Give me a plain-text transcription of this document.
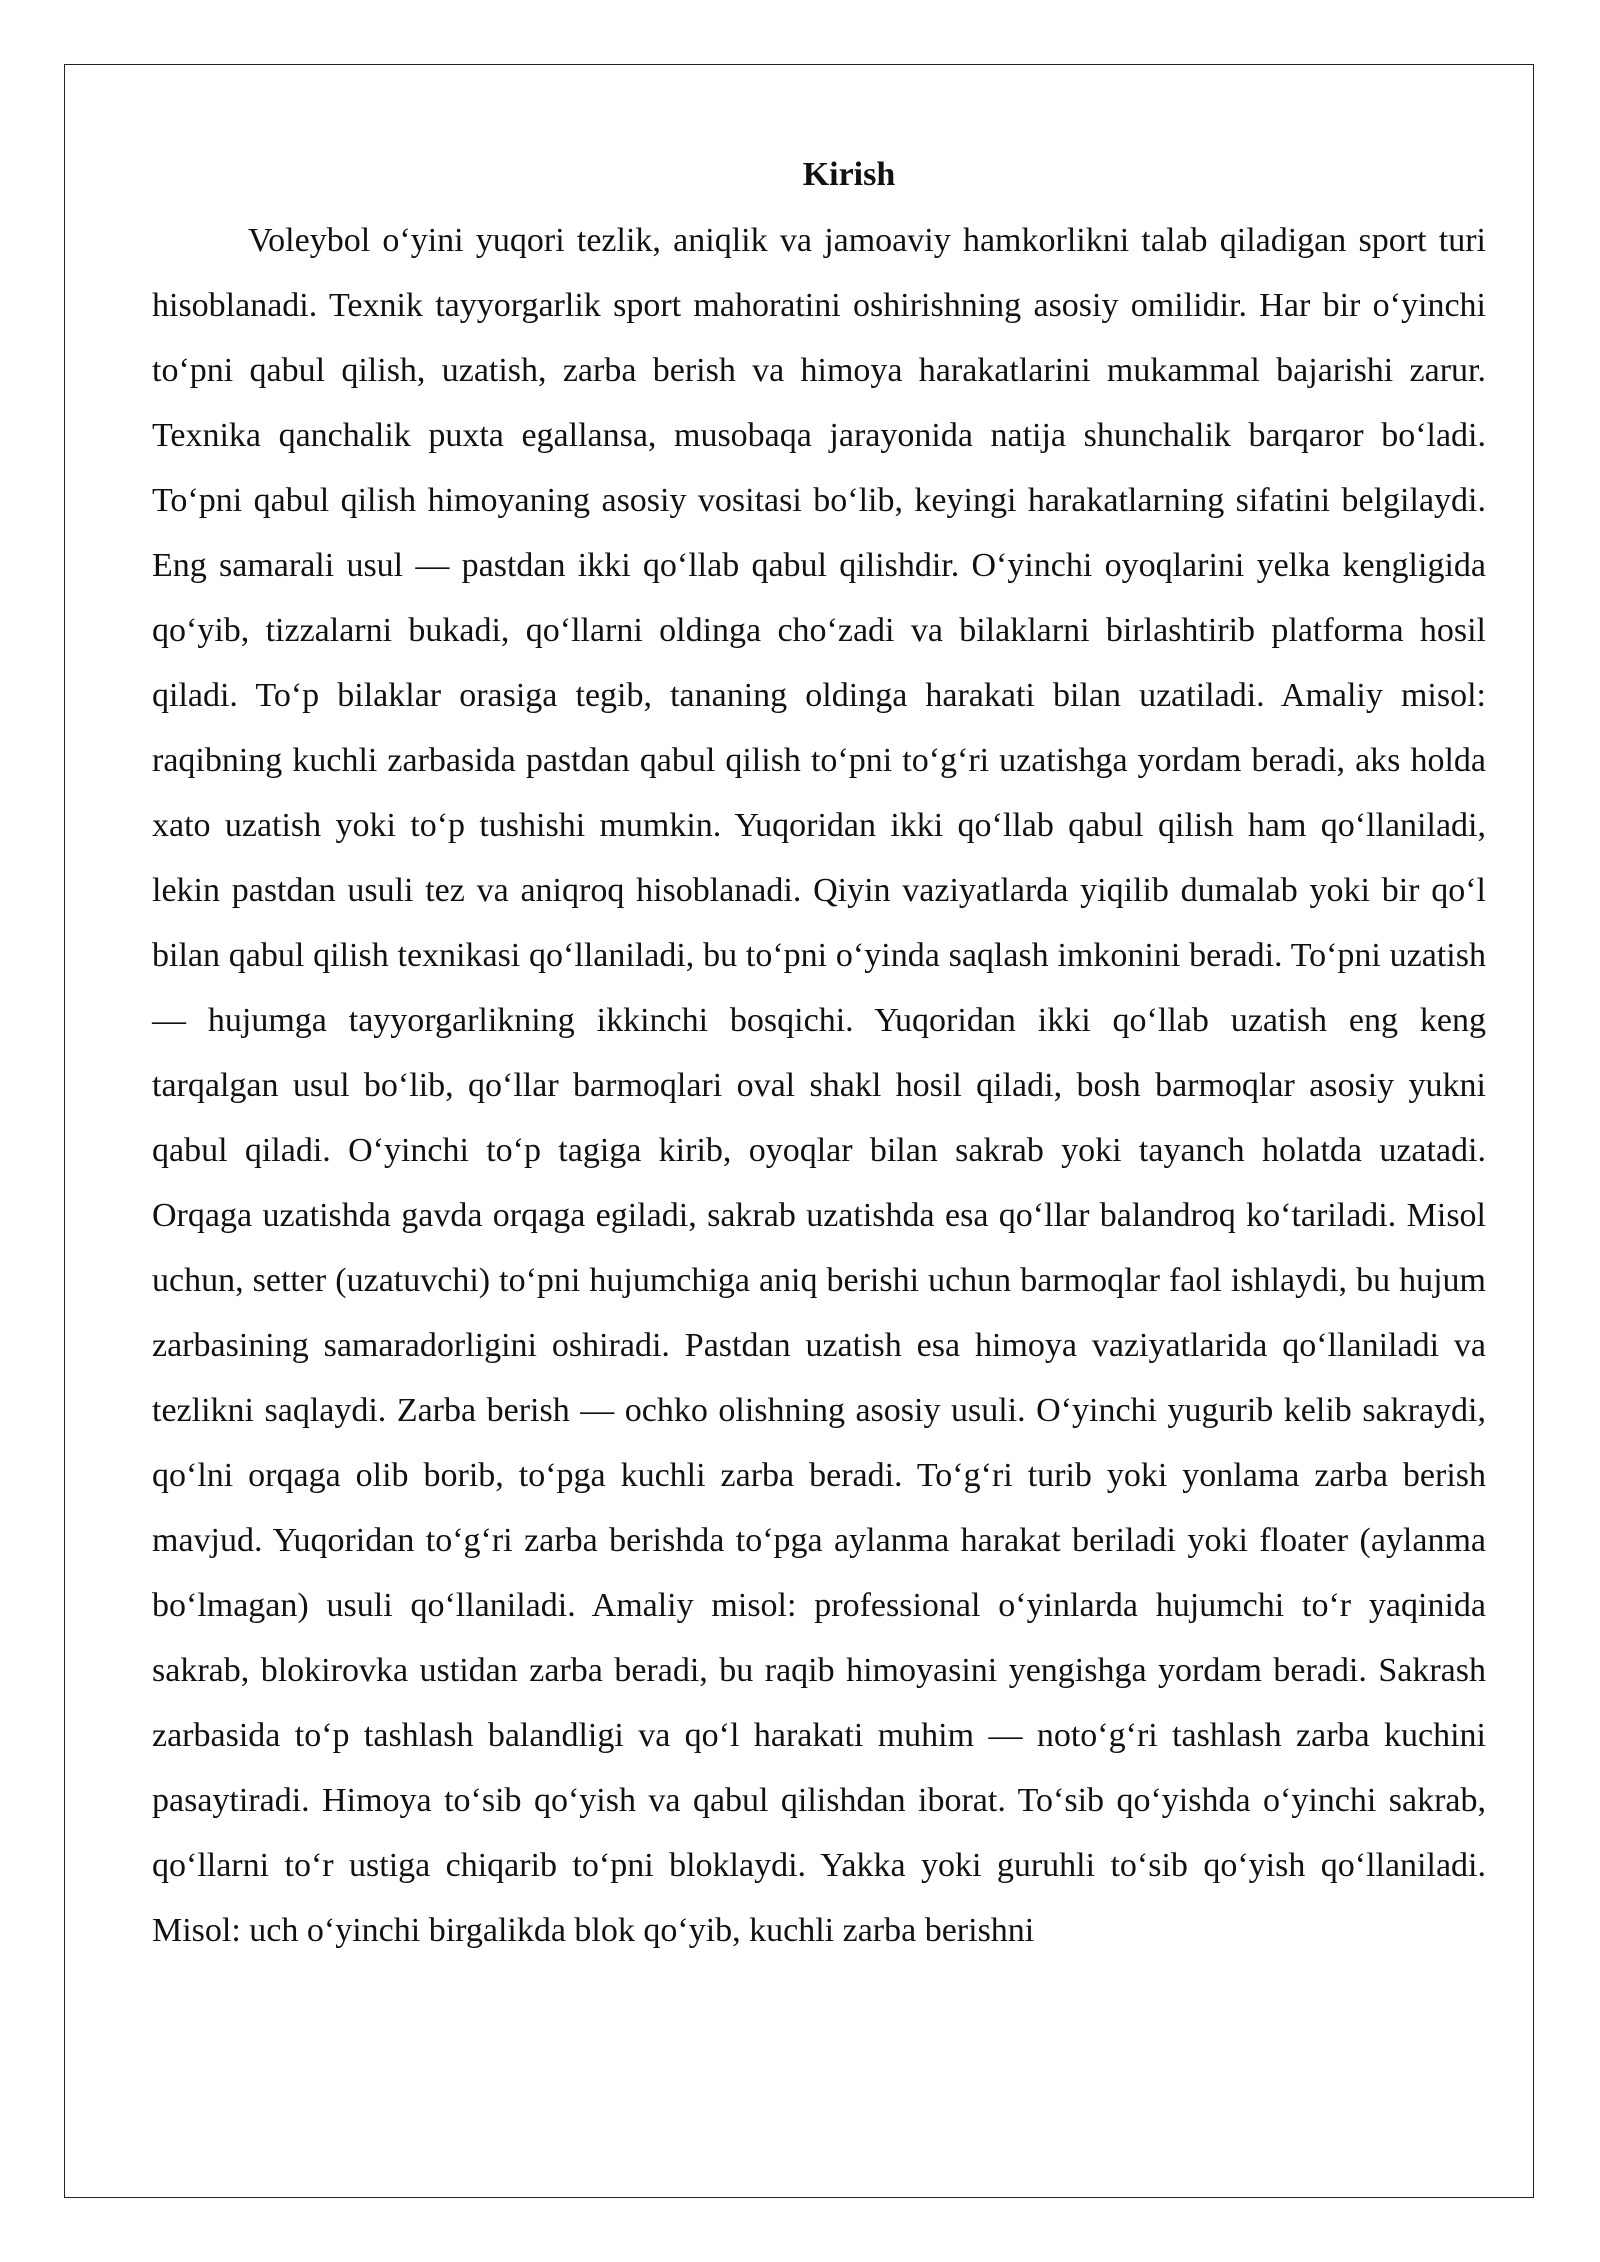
Kirish

Voleybol o‘yini yuqori tezlik, aniqlik va jamoaviy hamkorlikni talab qiladigan sport turi hisoblanadi. Texnik tayyorgarlik sport mahoratini oshirishning asosiy omilidir. Har bir o‘yinchi to‘pni qabul qilish, uzatish, zarba berish va himoya harakatlarini mukammal bajarishi zarur. Texnika qanchalik puxta egallansa, musobaqa jarayonida natija shunchalik barqaror bo‘ladi. To‘pni qabul qilish himoyaning asosiy vositasi bo‘lib, keyingi harakatlarning sifatini belgilaydi. Eng samarali usul — pastdan ikki qo‘llab qabul qilishdir. O‘yinchi oyoqlarini yelka kengligida qo‘yib, tizzalarni bukadi, qo‘llarni oldinga cho‘zadi va bilaklarni birlashtirib platforma hosil qiladi. To‘p bilaklar orasiga tegib, tananing oldinga harakati bilan uzatiladi. Amaliy misol: raqibning kuchli zarbasida pastdan qabul qilish to‘pni to‘g‘ri uzatishga yordam beradi, aks holda xato uzatish yoki to‘p tushishi mumkin. Yuqoridan ikki qo‘llab qabul qilish ham qo‘llaniladi, lekin pastdan usuli tez va aniqroq hisoblanadi. Qiyin vaziyatlarda yiqilib dumalab yoki bir qo‘l bilan qabul qilish texnikasi qo‘llaniladi, bu to‘pni o‘yinda saqlash imkonini beradi. To‘pni uzatish — hujumga tayyorgarlikning ikkinchi bosqichi. Yuqoridan ikki qo‘llab uzatish eng keng tarqalgan usul bo‘lib, qo‘llar barmoqlari oval shakl hosil qiladi, bosh barmoqlar asosiy yukni qabul qiladi. O‘yinchi to‘p tagiga kirib, oyoqlar bilan sakrab yoki tayanch holatda uzatadi. Orqaga uzatishda gavda orqaga egiladi, sakrab uzatishda esa qo‘llar balandroq ko‘tariladi. Misol uchun, setter (uzatuvchi) to‘pni hujumchiga aniq berishi uchun barmoqlar faol ishlaydi, bu hujum zarbasining samaradorligini oshiradi. Pastdan uzatish esa himoya vaziyatlarida qo‘llaniladi va tezlikni saqlaydi. Zarba berish — ochko olishning asosiy usuli. O‘yinchi yugurib kelib sakraydi, qo‘lni orqaga olib borib, to‘pga kuchli zarba beradi. To‘g‘ri turib yoki yonlama zarba berish mavjud. Yuqoridan to‘g‘ri zarba berishda to‘pga aylanma harakat beriladi yoki floater (aylanma bo‘lmagan) usuli qo‘llaniladi. Amaliy misol: professional o‘yinlarda hujumchi to‘r yaqinida sakrab, blokirovka ustidan zarba beradi, bu raqib himoyasini yengishga yordam beradi. Sakrash zarbasida to‘p tashlash balandligi va qo‘l harakati muhim — noto‘g‘ri tashlash zarba kuchini pasaytiradi. Himoya to‘sib qo‘yish va qabul qilishdan iborat. To‘sib qo‘yishda o‘yinchi sakrab, qo‘llarni to‘r ustiga chiqarib to‘pni bloklaydi. Yakka yoki guruhli to‘sib qo‘yish qo‘llaniladi. Misol: uch o‘yinchi birgalikda blok qo‘yib, kuchli zarba berishni
